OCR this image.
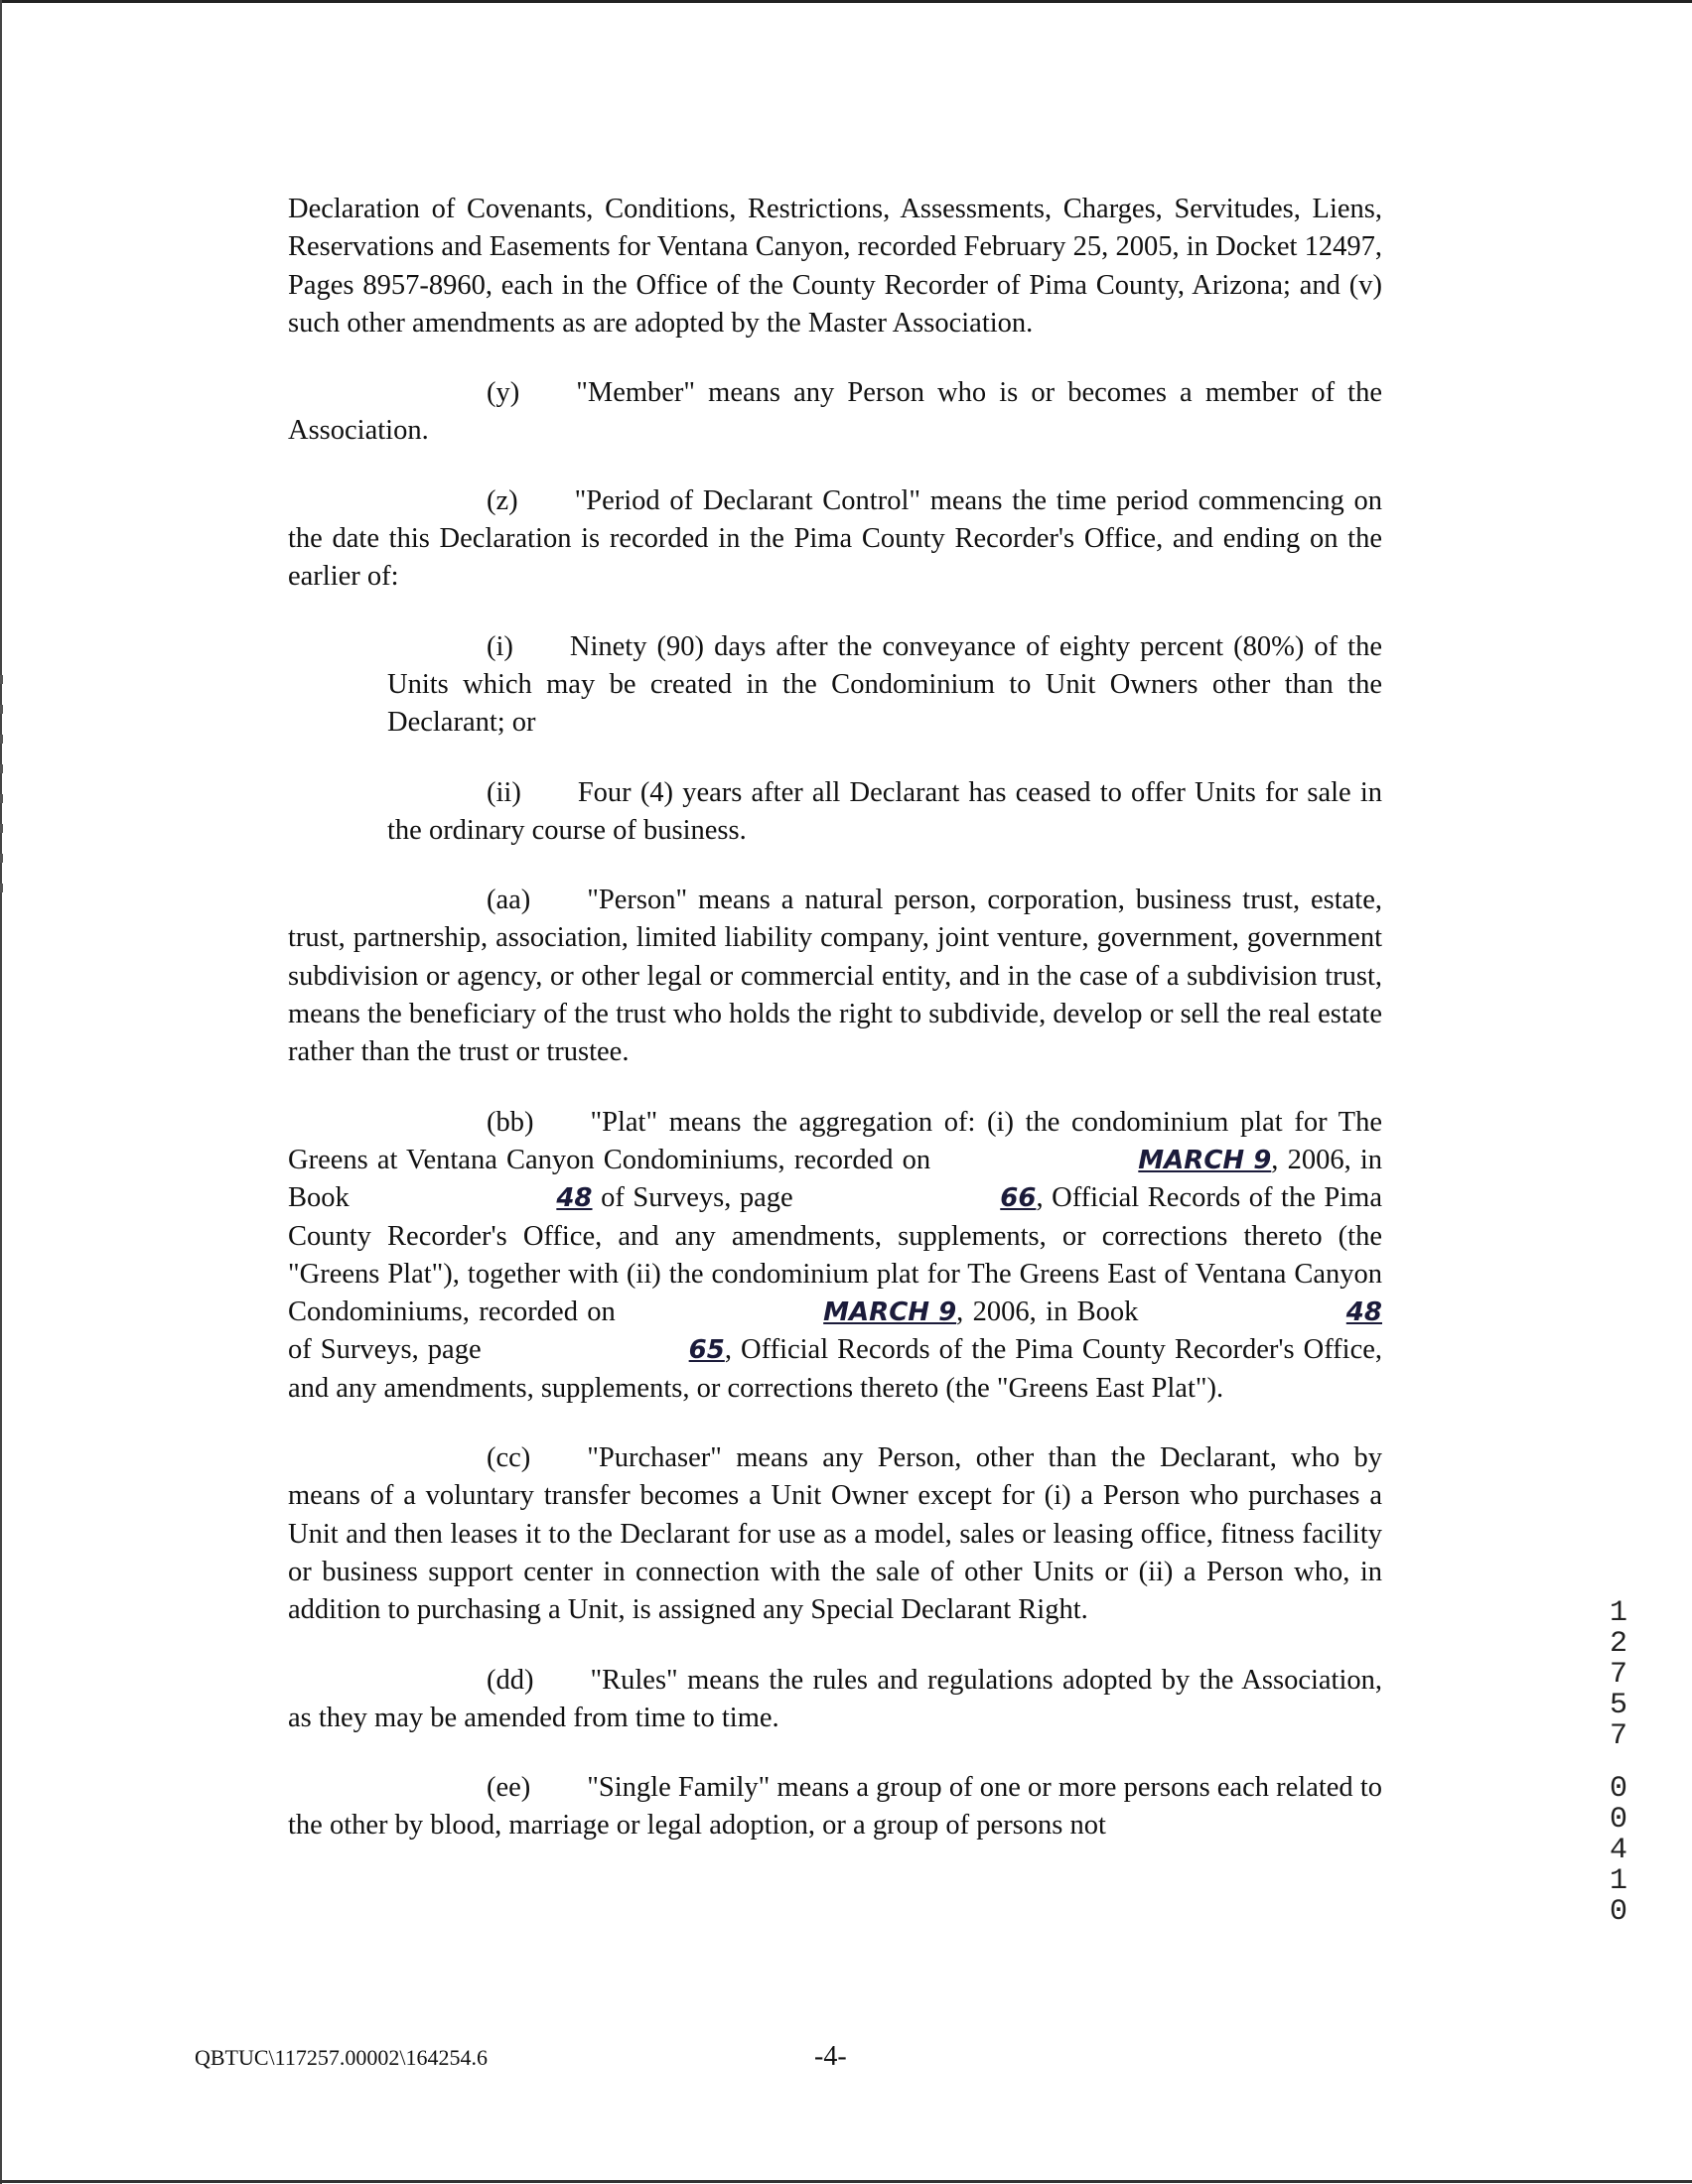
Declaration of Covenants, Conditions, Restrictions, Assessments, Charges, Servitudes, Liens, Reservations and Easements for Ventana Canyon, recorded February 25, 2005, in Docket 12497, Pages 8957-8960, each in the Office of the County Recorder of Pima County, Arizona; and (v) such other amendments as are adopted by the Master Association.

(y)  "Member" means any Person who is or becomes a member of the Association.

(z)  "Period of Declarant Control" means the time period commencing on the date this Declaration is recorded in the Pima County Recorder's Office, and ending on the earlier of:

(i)  Ninety (90) days after the conveyance of eighty percent (80%) of the Units which may be created in the Condominium to Unit Owners other than the Declarant; or

(ii)  Four (4) years after all Declarant has ceased to offer Units for sale in the ordinary course of business.

(aa)  "Person" means a natural person, corporation, business trust, estate, trust, partnership, association, limited liability company, joint venture, government, government subdivision or agency, or other legal or commercial entity, and in the case of a subdivision trust, means the beneficiary of the trust who holds the right to subdivide, develop or sell the real estate rather than the trust or trustee.

(bb)  "Plat" means the aggregation of: (i) the condominium plat for The Greens at Ventana Canyon Condominiums, recorded on	MARCH 9, 2006, in Book	48 of Surveys, page	66, Official Records of the Pima County Recorder's Office, and any amendments, supplements, or corrections thereto (the "Greens Plat"), together with (ii) the condominium plat for The Greens East of Ventana Canyon Condominiums, recorded on	MARCH 9, 2006, in Book	48 of Surveys, page	65, Official Records of the Pima County Recorder's Office, and any amendments, supplements, or corrections thereto (the "Greens East Plat").

(cc)  "Purchaser" means any Person, other than the Declarant, who by means of a voluntary transfer becomes a Unit Owner except for (i) a Person who purchases a Unit and then leases it to the Declarant for use as a model, sales or leasing office, fitness facility or business support center in connection with the sale of other Units or (ii) a Person who, in addition to purchasing a Unit, is assigned any Special Declarant Right.

(dd)  "Rules" means the rules and regulations adopted by the Association, as they may be amended from time to time.

(ee)  "Single Family" means a group of one or more persons each related to the other by blood, marriage or legal adoption, or a group of persons not

1
2
7
5
7
0
0
4
1
0
QBTUC\117257.00002\164254.6	-4-
